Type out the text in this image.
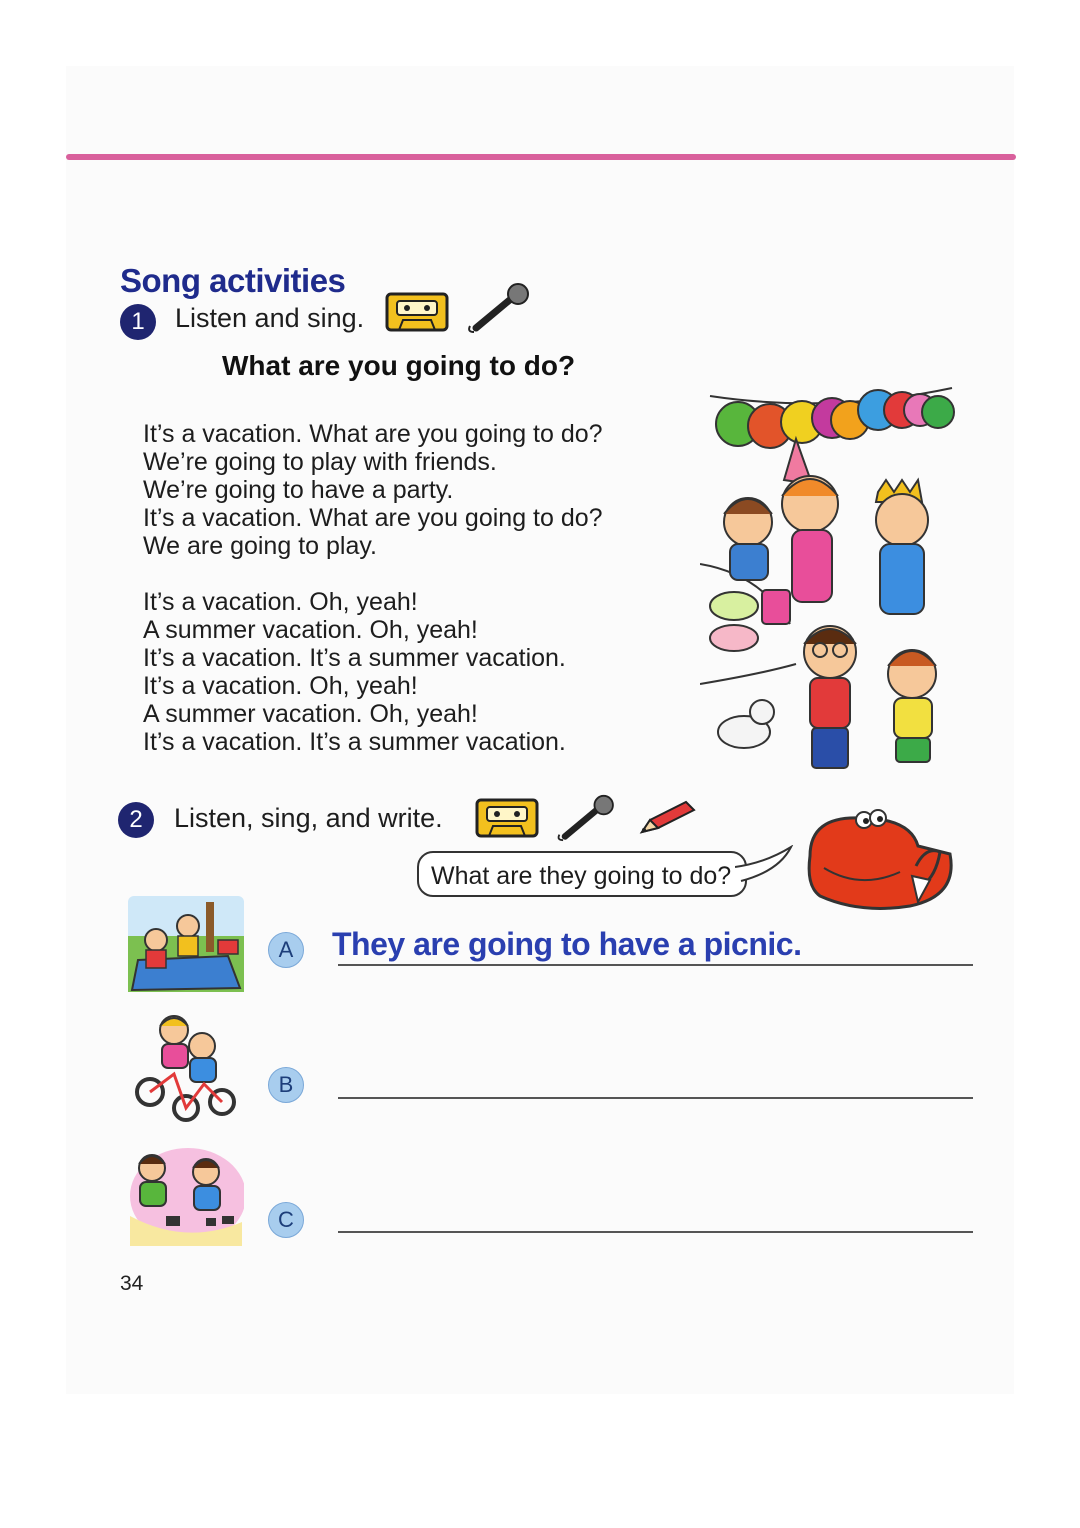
Song activities
1	Listen and sing.
What are you going to do?
It’s a vacation. What are you going to do?
We’re going to play with friends.
We’re going to have a party.
It’s a vacation. What are you going to do?
We are going to play.
It’s a vacation. Oh, yeah!
A summer vacation. Oh, yeah!
It’s a vacation. It’s a summer vacation.
It’s a vacation. Oh, yeah!
A summer vacation. Oh, yeah!
It’s a vacation. It’s a summer vacation.
2	Listen, sing, and write.
What are they going to do?
A	They are going to have a picnic.
B
C
34
